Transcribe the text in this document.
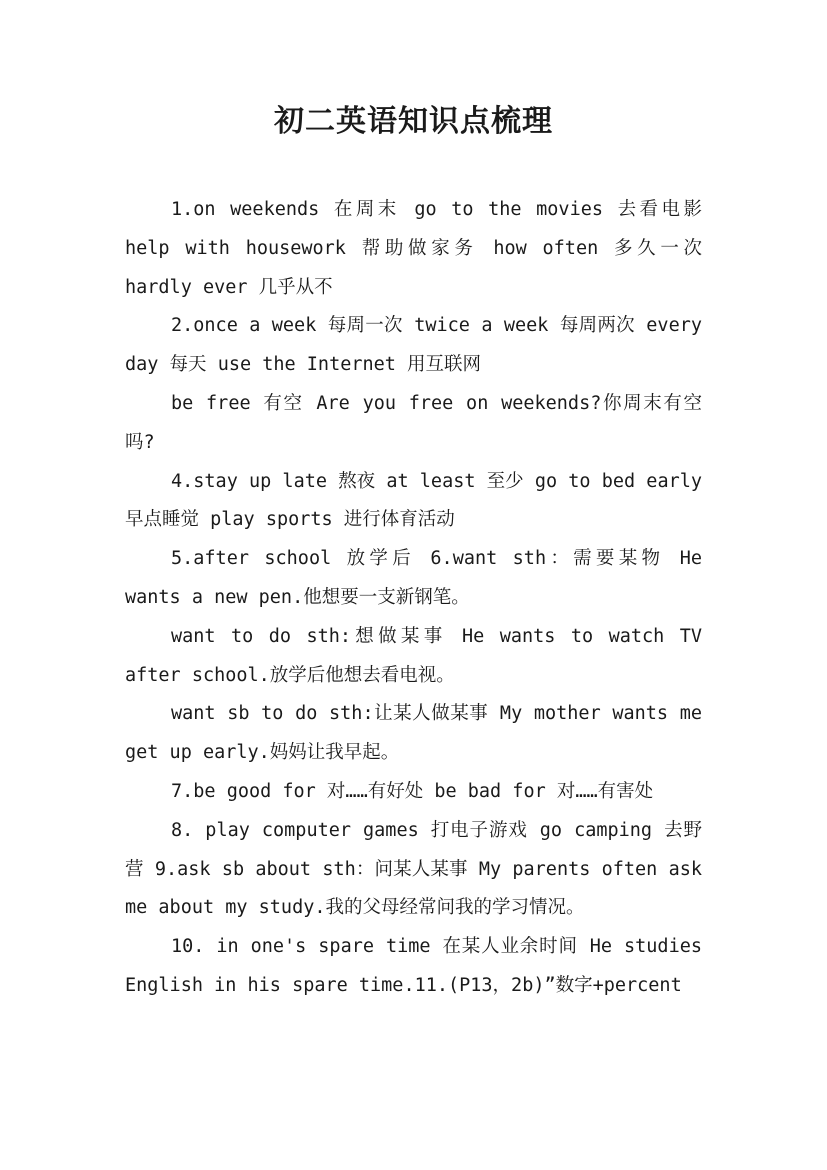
初二英语知识点梳理

1.on weekends 在周末 go to the movies 去看电影 help with housework 帮助做家务 how often 多久一次 hardly ever 几乎从不

2.once a week 每周一次 twice a week 每周两次 every day 每天 use the Internet 用互联网

be free 有空 Are you free on weekends?你周末有空吗?

4.stay up late 熬夜 at least 至少 go to bed early 早点睡觉 play sports 进行体育活动

5.after school 放学后 6.want sth：需要某物 He wants a new pen.他想要一支新钢笔。

want to do sth:想做某事 He wants to watch TV after school.放学后他想去看电视。

want sb to do sth:让某人做某事 My mother wants me get up early.妈妈让我早起。

7.be good for 对……有好处 be bad for 对……有害处

8. play computer games 打电子游戏 go camping 去野营 9.ask sb about sth：问某人某事 My parents often ask me about my study.我的父母经常问我的学习情况。

10. in one's spare time 在某人业余时间 He studies English in his spare time.11.(P13，2b)”数字+percent
